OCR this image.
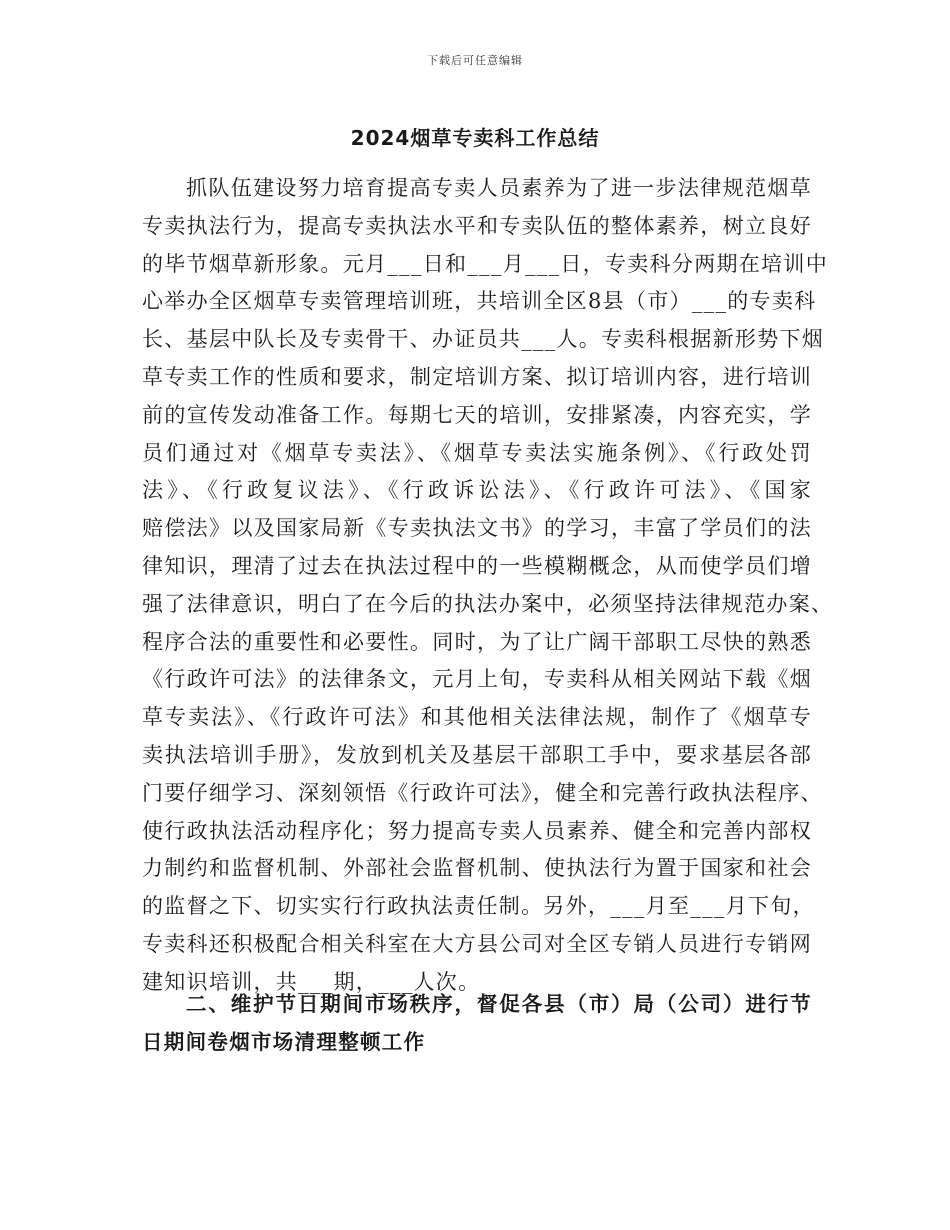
下载后可任意编辑
2024烟草专卖科工作总结
抓队伍建设努力培育提高专卖人员素养为了进一步法律规范烟草
专卖执法行为，提高专卖执法水平和专卖队伍的整体素养，树立良好
的毕节烟草新形象。元月___日和___月___日，专卖科分两期在培训中
心举办全区烟草专卖管理培训班，共培训全区8县（市）___的专卖科
长、基层中队长及专卖骨干、办证员共___人。专卖科根据新形势下烟
草专卖工作的性质和要求，制定培训方案、拟订培训内容，进行培训
前的宣传发动准备工作。每期七天的培训，安排紧凑，内容充实，学
员们通过对《烟草专卖法》、《烟草专卖法实施条例》、《行政处罚
法》、《行政复议法》、《行政诉讼法》、《行政许可法》、《国家
赔偿法》以及国家局新《专卖执法文书》的学习，丰富了学员们的法
律知识，理清了过去在执法过程中的一些模糊概念，从而使学员们增
强了法律意识，明白了在今后的执法办案中，必须坚持法律规范办案、
程序合法的重要性和必要性。同时，为了让广阔干部职工尽快的熟悉
《行政许可法》的法律条文，元月上旬，专卖科从相关网站下载《烟
草专卖法》、《行政许可法》和其他相关法律法规，制作了《烟草专
卖执法培训手册》，发放到机关及基层干部职工手中，要求基层各部
门要仔细学习、深刻领悟《行政许可法》，健全和完善行政执法程序、
使行政执法活动程序化；努力提高专卖人员素养、健全和完善内部权
力制约和监督机制、外部社会监督机制、使执法行为置于国家和社会
的监督之下、切实实行行政执法责任制。另外，___月至___月下旬，
专卖科还积极配合相关科室在大方县公司对全区专销人员进行专销网
建知识培训，共___期，___人次。
二、维护节日期间市场秩序，督促各县（市）局（公司）进行节
日期间卷烟市场清理整顿工作
